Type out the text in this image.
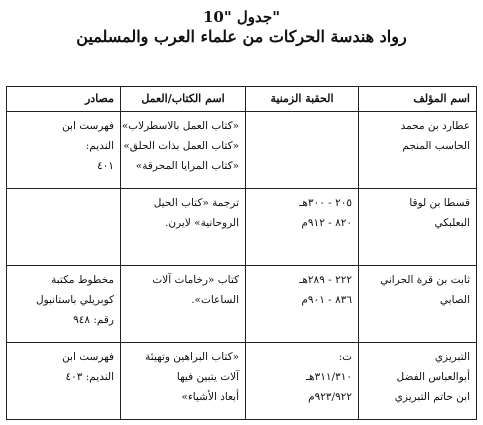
جدول "10"
رواد هندسة الحركات من علماء العرب والمسلمين
اسم المؤلف	الحقبة الزمنية	اسم الكتاب/العمل	مصادر

عطارد بن محمد
الحاسب المنجم		«كتاب العمل بالاسطرلاب»
«كتاب العمل بذات الحلق»
«كتاب المرايا المحرقة»	فهرست ابن
النديم:
٤٠١

قسطا بن لوقا
البعلبكي	٢٠٥ - ٣٠٠هـ
٨٢٠ - ٩١٢م	ترجمة «كتاب الحيل
الروحانية» لايرن.	

ثابت بن قرة الحراني
الصابي	٢٢٢ - ٢٨٩هـ
٨٣٦ - ٩٠١م	كتاب «رخامات آلات
الساعات».	مخطوط مكتبة
كوبريلي باستانبول
رقم: ٩٤٨

التبريزي
أبوالعباس الفضل
ابن حاتم التبريزي	ت:
٣١١/٣١٠هـ
٩٢٣/٩٢٢م	«كتاب البراهين وتهيئة
آلات يتبين فيها
أبعاد الأشياء»	فهرست ابن
النديم: ٤٠٣
